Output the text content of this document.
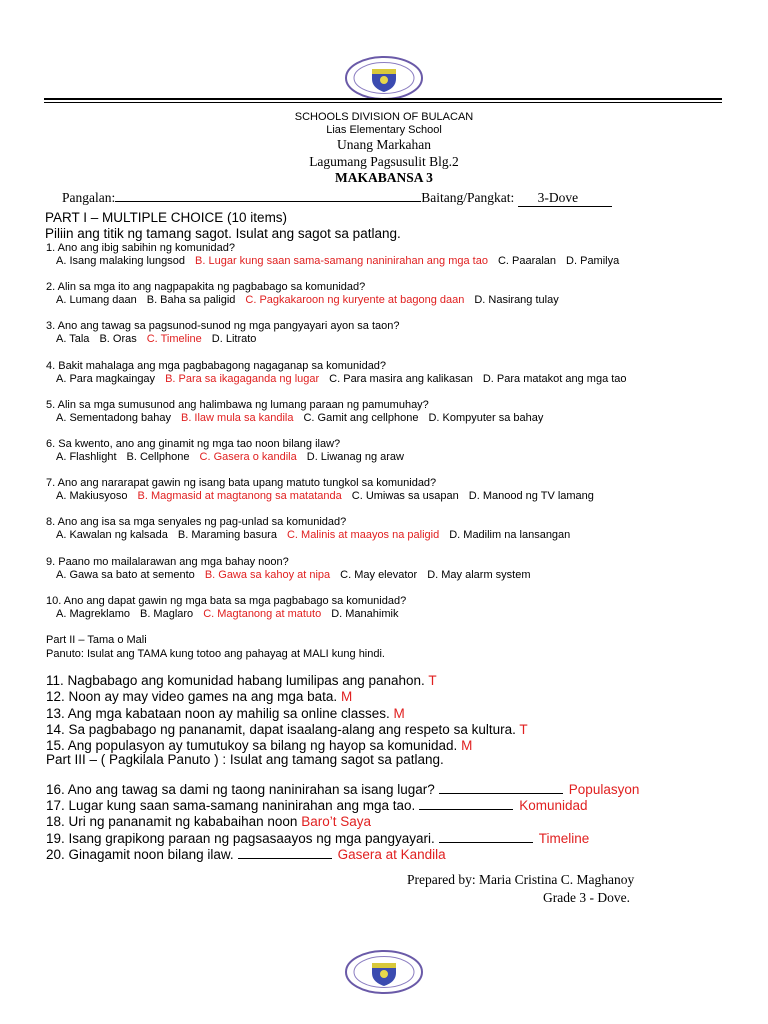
SCHOOLS DIVISION OF BULACAN
Lias Elementary School
Unang Markahan
Lagumang Pagsusulit Blg.2
MAKABANSA 3
Pangalan:	Baitang/Pangkat: 3-Dove
PART I – MULTIPLE CHOICE (10 items)
Piliin ang titik ng tamang sagot. Isulat ang sagot sa patlang.
1. Ano ang ibig sabihin ng komunidad?
A. Isang malaking lungsod B. Lugar kung saan sama-samang naninirahan ang mga tao C. Paaralan D. Pamilya
2. Alin sa mga ito ang nagpapakita ng pagbabago sa komunidad?
A. Lumang daan B. Baha sa paligid C. Pagkakaroon ng kuryente at bagong daan D. Nasirang tulay
3. Ano ang tawag sa pagsunod-sunod ng mga pangyayari ayon sa taon?
A. Tala B. Oras C. Timeline D. Litrato
4. Bakit mahalaga ang mga pagbabagong nagaganap sa komunidad?
A. Para magkaingay B. Para sa ikagaganda ng lugar C. Para masira ang kalikasan D. Para matakot ang mga tao
5. Alin sa mga sumusunod ang halimbawa ng lumang paraan ng pamumuhay?
A. Sementadong bahay B. Ilaw mula sa kandila C. Gamit ang cellphone D. Kompyuter sa bahay
6. Sa kwento, ano ang ginamit ng mga tao noon bilang ilaw?
A. Flashlight B. Cellphone C. Gasera o kandila D. Liwanag ng araw
7. Ano ang nararapat gawin ng isang bata upang matuto tungkol sa komunidad?
A. Makiusyoso B. Magmasid at magtanong sa matatanda C. Umiwas sa usapan D. Manood ng TV lamang
8. Ano ang isa sa mga senyales ng pag-unlad sa komunidad?
A. Kawalan ng kalsada B. Maraming basura C. Malinis at maayos na paligid D. Madilim na lansangan
9. Paano mo mailalarawan ang mga bahay noon?
A. Gawa sa bato at semento B. Gawa sa kahoy at nipa C. May elevator D. May alarm system
10. Ano ang dapat gawin ng mga bata sa mga pagbabago sa komunidad?
A. Magreklamo B. Maglaro C. Magtanong at matuto D. Manahimik
Part II – Tama o Mali
Panuto: Isulat ang TAMA kung totoo ang pahayag at MALI kung hindi.
11. Nagbabago ang komunidad habang lumilipas ang panahon. T
12. Noon ay may video games na ang mga bata. M
13. Ang mga kabataan noon ay mahilig sa online classes. M
14. Sa pagbabago ng pananamit, dapat isaalang-alang ang respeto sa kultura. T
15. Ang populasyon ay tumutukoy sa bilang ng hayop sa komunidad. M
Part III – ( Pagkilala Panuto ) : Isulat ang tamang sagot sa patlang.
16. Ano ang tawag sa dami ng taong naninirahan sa isang lugar?	Populasyon
17. Lugar kung saan sama-samang naninirahan ang mga tao.	Komunidad
18. Uri ng pananamit ng kababaihan noon Baro’t Saya
19. Isang grapikong paraan ng pagsasaayos ng mga pangyayari.	Timeline
20. Ginagamit noon bilang ilaw.	Gasera at Kandila
Prepared by: Maria Cristina C. Maghanoy
Grade 3 - Dove.
